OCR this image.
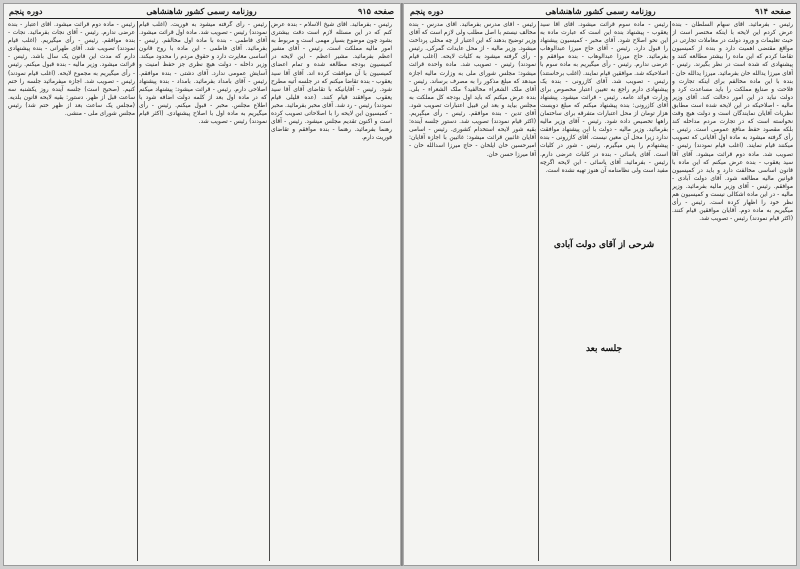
صفحه ۹۱۴
روزنامه رسمی کشور شاهنشاهی
دوره پنجم

رئیس - بفرمائید. آقای سهام السلطان - بنده عرض کردم این لایحه با اینکه مختصر است از حیث تعلیمات و ورود دولت در معاملات تجارتی در مواقع مقتضی اهمیت دارد و بنده از کمیسیون تقاضا کردم که این ماده را بیشتر مطالعه کنند و پیشنهادی که شده است در نظر بگیرند. رئیس - آقای میرزا یدالله خان بفرمائید. میرزا یدالله خان - بنده با این ماده مخالفم برای اینکه تجارت و فلاحت و صنایع مملکت را باید مساعدت کرد و دولت نباید در این امور دخالت کند. آقای وزیر مالیه - اصلاحیکه در این لایحه شده است مطابق نظریات آقایان نمایندگان است و دولت هیچ وقت نخواسته است که در تجارت مردم مداخله کند بلکه مقصود حفظ منافع عمومی است. رئیس - رأی گرفته میشود به ماده اول آقایانی که تصویب میکنند قیام نمایند. (اغلب قیام نمودند) رئیس - تصویب شد. ماده دوم قرائت میشود. آقای آقا سید یعقوب - بنده عرض میکنم که این ماده با قانون اساسی مخالفت دارد و باید در کمیسیون قوانین مالیه مطالعه شود. آقای دولت آبادی - موافقم. رئیس - آقای وزیر مالیه بفرمائید. وزیر مالیه - در این ماده اشکالی نیست و کمیسیون هم نظر خود را اظهار کرده است. رئیس - رأی میگیریم به ماده دوم. آقایان موافقین قیام کنند. (اکثر قیام نمودند) رئیس - تصویب شد.

رئیس - ماده سوم قرائت میشود. آقای آقا سید یعقوب - پیشنهاد بنده این است که عبارت ماده به این نحو اصلاح شود. آقای مخبر - کمیسیون پیشنهاد را قبول دارد. رئیس - آقای حاج میرزا عبدالوهاب بفرمائید. حاج میرزا عبدالوهاب - بنده موافقم و عرضی ندارم. رئیس - رأی میگیریم به ماده سوم با اصلاحیکه شد. موافقین قیام نمایند. (اغلب برخاستند) رئیس - تصویب شد. آقای کازرونی - بنده یک پیشنهادی دارم راجع به تعیین اعتبار مخصوص برای وزارت فوائد عامه. رئیس - قرائت میشود. پیشنهاد آقای کازرونی: بنده پیشنهاد میکنم که مبلغ دویست هزار تومان از محل اعتبارات متفرقه برای ساختمان راهها تخصیص داده شود. رئیس - آقای وزیر مالیه بفرمائید. وزیر مالیه - دولت با این پیشنهاد موافقت ندارد زیرا محل آن معین نیست. آقای کازرونی - بنده پیشنهادم را پس میگیرم. رئیس - شور در کلیات است. آقای یاسائی - بنده در کلیات عرضی دارم. رئیس - بفرمائید. آقای یاسائی - این لایحه اگرچه مفید است ولی نظامنامه آن هنوز تهیه نشده است.

رئیس - آقای مدرس بفرمائید. آقای مدرس - بنده مخالف نیستم با اصل مطلب ولی لازم است که آقای وزیر توضیح بدهند که این اعتبار از چه محلی پرداخت میشود. وزیر مالیه - از محل عایدات گمرکی. رئیس - رأی گرفته میشود به کلیات لایحه. (اغلب قیام نمودند) رئیس - تصویب شد. ماده واحده قرائت میشود: مجلس شورای ملی به وزارت مالیه اجازه میدهد که مبلغ مذکور را به مصرف برساند. رئیس - آقای ملک الشعراء مخالفید؟ ملک الشعراء - بلی. بنده عرض میکنم که باید اول بودجه کل مملکت به مجلس بیاید و بعد این قبیل اعتبارات تصویب شود. آقای تدین - بنده موافقم. رئیس - رأی میگیریم. (اکثر قیام نمودند) تصویب شد. دستور جلسه آینده: بقیه شور لایحه استخدام کشوری. رئیس - اسامی آقایان غائبین قرائت میشود: غائبین با اجازه آقایان: امیرحسین خان ایلخان - حاج میرزا اسدالله خان - آقا میرزا حسن خان.

شرحی از آقای دولت آبادی
جلسه بعد
صفحه ۹۱۵
روزنامه رسمی کشور شاهنشاهی
دوره پنجم

رئیس - بفرمائید. آقای شیخ الاسلام - بنده عرض کنم که در این مسئله لازم است دقت بیشتری بشود چون موضوع بسیار مهمی است و مربوط به امور مالیه مملکت است. رئیس - آقای مشیر اعظم بفرمائید. مشیر اعظم - این لایحه در کمیسیون بودجه مطالعه شده و تمام اعضای کمیسیون با آن موافقت کرده اند. آقای آقا سید یعقوب - بنده تقاضا میکنم که در جلسه آتیه مطرح شود. رئیس - آقایانیکه با تقاضای آقای آقا سید یعقوب موافقند قیام کنند. (عده قلیلی قیام نمودند) رئیس - رد شد. آقای مخبر بفرمائید. مخبر - کمیسیون این لایحه را با اصلاحاتی تصویب کرده است و اکنون تقدیم مجلس میشود. رئیس - آقای رهنما بفرمائید. رهنما - بنده موافقم و تقاضای فوریت دارم.

رئیس - رأی گرفته میشود به فوریت. (اغلب قیام نمودند) رئیس - تصویب شد. ماده اول قرائت میشود. آقای فاطمی - بنده با ماده اول مخالفم. رئیس - بفرمائید. آقای فاطمی - این ماده با روح قانون اساسی مغایرت دارد و حقوق مردم را محدود میکند. وزیر داخله - دولت هیچ نظری جز حفظ امنیت و آسایش عمومی ندارد. آقای دشتی - بنده موافقم. رئیس - آقای بامداد بفرمائید. بامداد - بنده پیشنهاد اصلاحی دارم. رئیس - قرائت میشود: پیشنهاد میکنم که در ماده اول بعد از کلمه دولت اضافه شود با اطلاع مجلس. مخبر - قبول میکنم. رئیس - رأی میگیریم به ماده اول با اصلاح پیشنهادی. (اکثر قیام نمودند) رئیس - تصویب شد.

رئیس - ماده دوم قرائت میشود. آقای اعتبار - بنده عرضی ندارم. رئیس - آقای نجات بفرمائید. نجات - بنده موافقم. رئیس - رأی میگیریم. (اغلب قیام نمودند) تصویب شد. آقای طهرانی - بنده پیشنهادی دارم که مدت این قانون یک سال باشد. رئیس - قرائت میشود. وزیر مالیه - بنده قبول میکنم. رئیس - رأی میگیریم به مجموع لایحه. (اغلب قیام نمودند) رئیس - تصویب شد. اجازه میفرمائید جلسه را ختم کنیم. (صحیح است) جلسه آینده روز یکشنبه سه ساعت قبل از ظهر. دستور: بقیه لایحه قانون بلدیه. (مجلس یک ساعت بعد از ظهر ختم شد) رئیس مجلس شورای ملی - منشی.
